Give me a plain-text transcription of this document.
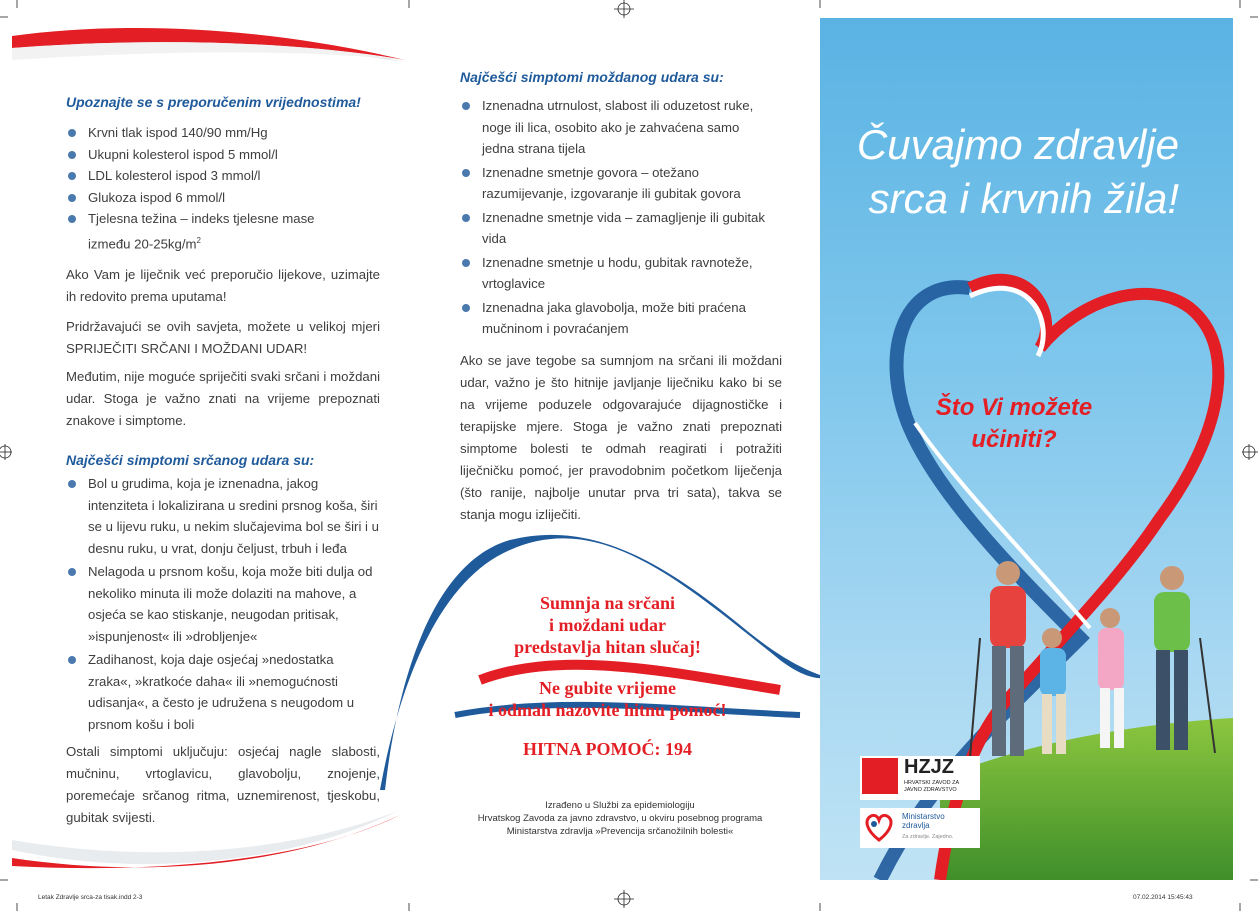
Upoznajte se s preporučenim vrijednostima!
Krvni tlak ispod 140/90 mm/Hg
Ukupni kolesterol ispod 5 mmol/l
LDL kolesterol ispod 3 mmol/l
Glukoza ispod 6 mmol/l
Tjelesna težina – indeks tjelesne mase
između $20-25kg/m^2$

Ako Vam je liječnik već preporučio lijekove, uzimajte ih redovito prema uputama!

Pridržavajući se ovih savjeta, možete u velikoj mjeri SPRIJEČITI SRČANI I MOŽDANI UDAR!

Međutim, nije moguće spriječiti svaki srčani i moždani udar. Stoga je važno znati na vrijeme prepoznati znakove i simptome.

Najčešći simptomi srčanog udara su:
Bol u grudima, koja je iznenadna, jakog intenziteta i lokalizirana u sredini prsnog koša, širi se u lijevu ruku, u nekim slučajevima bol se širi i u desnu ruku, u vrat, donju čeljust, trbuh i leđa
Nelagoda u prsnom košu, koja može biti dulja od nekoliko minuta ili može dolaziti na mahove, a osjeća se kao stiskanje, neugodan pritisak, »ispunjenost« ili »drobljenje«
Zadihanost, koja daje osjećaj »nedostatka zraka«, »kratkoće daha« ili »nemogućnosti udisanja«, a često je udružena s neugodom u prsnom košu i boli

Ostali simptomi uključuju: osjećaj nagle slabosti, mučninu, vrtoglavicu, glavobolju, znojenje, poremećaje srčanog ritma, uznemirenost, tjeskobu, gubitak svijesti.

Najčešći simptomi moždanog udara su:
Iznenadna utrnulost, slabost ili oduzetost ruke, noge ili lica, osobito ako je zahvaćena samo jedna strana tijela
Iznenadne smetnje govora – otežano razumijevanje, izgovaranje ili gubitak govora
Iznenadne smetnje vida – zamagljenje ili gubitak vida
Iznenadne smetnje u hodu, gubitak ravnoteže, vrtoglavice
Iznenadna jaka glavobolja, može biti praćena mučninom i povraćanjem

Ako se jave tegobe sa sumnjom na srčani ili moždani udar, važno je što hitnije javljanje liječniku kako bi se na vrijeme poduzele odgovarajuće dijagnostičke i terapijske mjere. Stoga je važno znati prepoznati simptome bolesti te odmah reagirati i potražiti liječničku pomoć, jer pravodobnim početkom liječenja (što ranije, najbolje unutar prva tri sata), takva se stanja mogu izliječiti.

Sumnja na srčani
i moždani udar
predstavlja hitan slučaj!
Ne gubite vrijeme
i odmah nazovite hitnu pomoć!
HITNA POMOĆ: 194
Izrađeno u Službi za epidemiologiju
Hrvatskog Zavoda za javno zdravstvo, u okviru posebnog programa
Ministarstva zdravlja »Prevencija srčanožilnih bolesti«
Čuvajmo zdravlje
srca i krvnih žila!
Što Vi možete
učiniti?
HZJZ
HRVATSKI ZAVOD ZA
JAVNO ZDRAVSTVO
Ministarstvo
zdravlja
Za zdravlje. Zajedno.
Letak Zdravlje srca-za tisak.indd 2-3	07.02.2014 15:45:43
